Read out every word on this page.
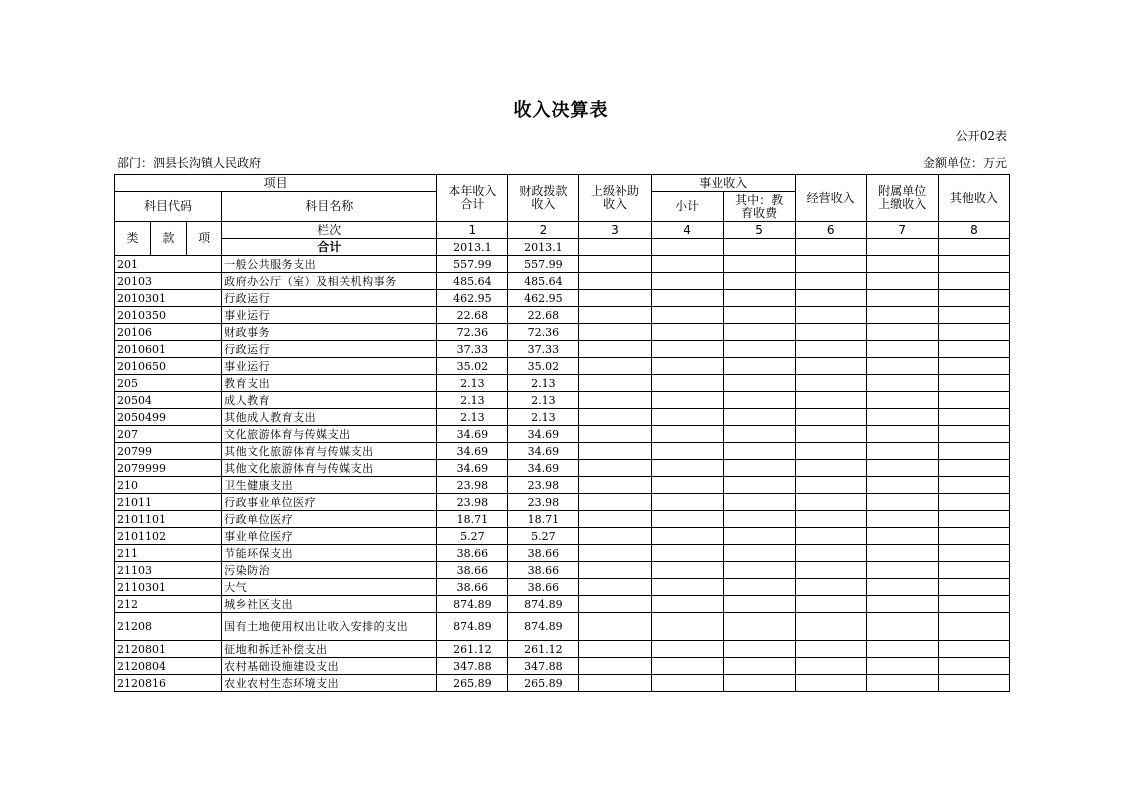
收入决算表
公开02表
部门：泗县长沟镇人民政府	金额单位：万元
项目				本年收入合计	财政拨款收入	上级补助收入	事业收入		经营收入	附属单位上缴收入	其他收入
科目代码			科目名称				小计	其中：教育收费			
类	款	项	栏次	1	2	3	4	5	6	7	8
			合计	2013.1	2013.1						
201			一般公共服务支出	557.99	557.99						
20103			政府办公厅（室）及相关机构事务	485.64	485.64						
2010301			行政运行	462.95	462.95						
2010350			事业运行	22.68	22.68						
20106			财政事务	72.36	72.36						
2010601			行政运行	37.33	37.33						
2010650			事业运行	35.02	35.02						
205			教育支出	2.13	2.13						
20504			成人教育	2.13	2.13						
2050499			其他成人教育支出	2.13	2.13						
207			文化旅游体育与传媒支出	34.69	34.69						
20799			其他文化旅游体育与传媒支出	34.69	34.69						
2079999			其他文化旅游体育与传媒支出	34.69	34.69						
210			卫生健康支出	23.98	23.98						
21011			行政事业单位医疗	23.98	23.98						
2101101			行政单位医疗	18.71	18.71						
2101102			事业单位医疗	5.27	5.27						
211			节能环保支出	38.66	38.66						
21103			污染防治	38.66	38.66						
2110301			大气	38.66	38.66						
212			城乡社区支出	874.89	874.89						
21208			国有土地使用权出让收入安排的支出	874.89	874.89						
2120801			征地和拆迁补偿支出	261.12	261.12						
2120804			农村基础设施建设支出	347.88	347.88						
2120816			农业农村生态环境支出	265.89	265.89						
